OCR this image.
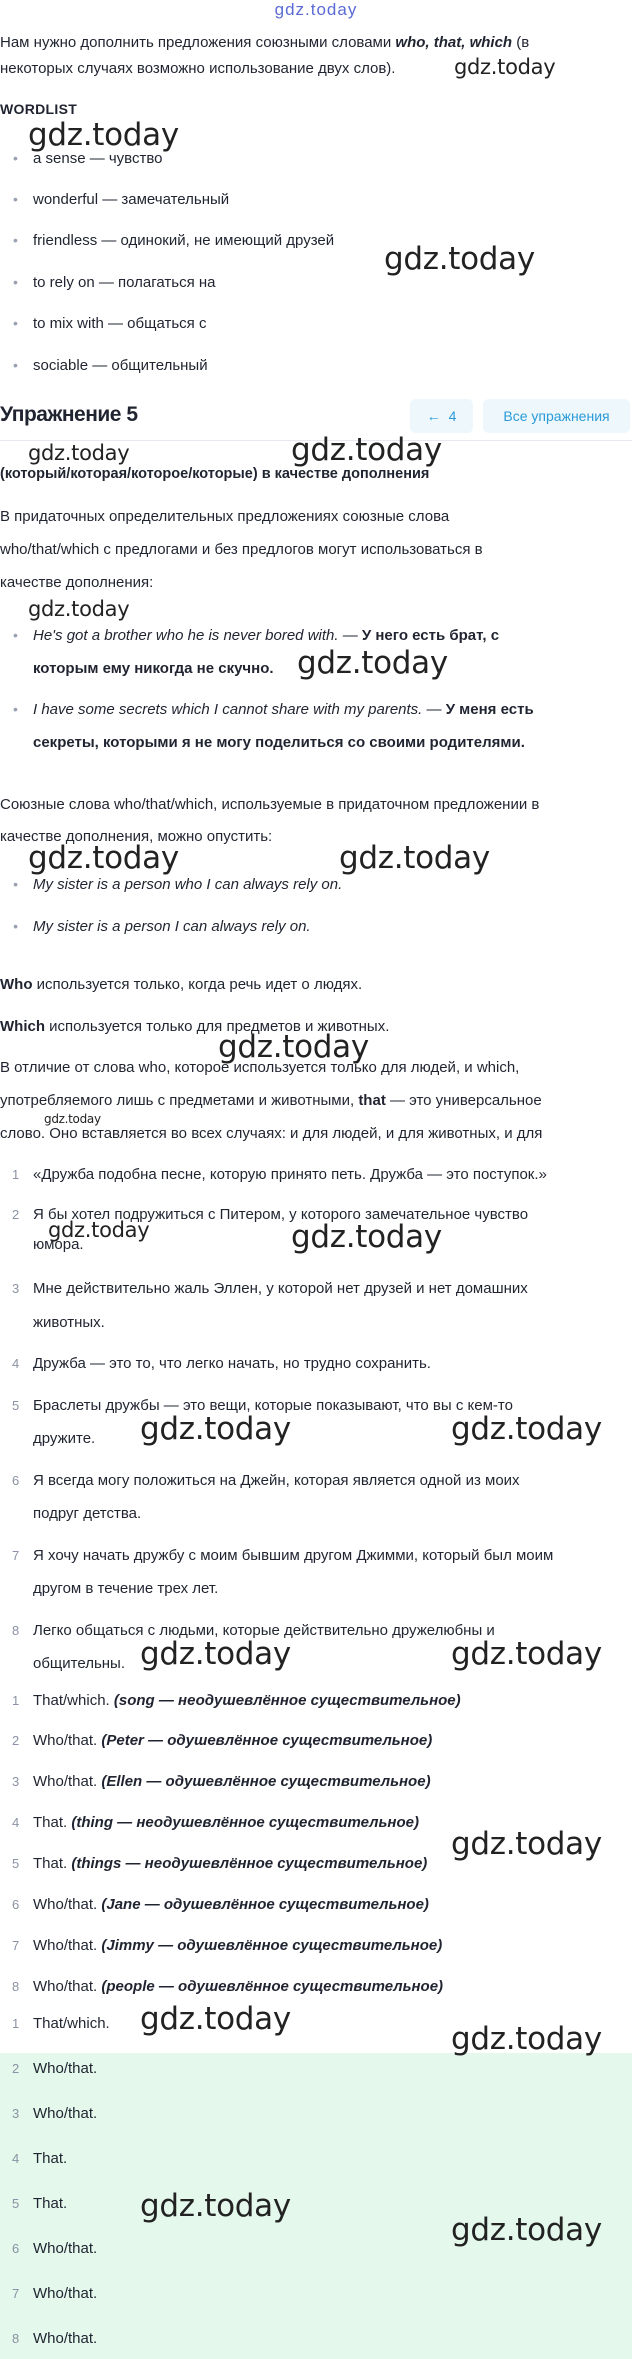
gdz.today

Нам нужно дополнить предложения союзными словами who, that, which (в

некоторых случаях возможно использование двух слов).

WORDLIST
• a sense — чувство
• wonderful — замечательный
• friendless — одинокий, не имеющий друзей
• to rely on — полагаться на
• to mix with — общаться с
• sociable — общительный
Упражнение 5	← 4	Все упражнения
(который/которая/которое/которые) в качестве дополнения

В придаточных определительных предложениях союзные слова

who/that/which с предлогами и без предлогов могут использоваться в

качестве дополнения:

• He's got a brother who he is never bored with. — У него есть брат, с
которым ему никогда не скучно.
• I have some secrets which I cannot share with my parents. — У меня есть
секреты, которыми я не могу поделиться со своими родителями.

Союзные слова who/that/which, используемые в придаточном предложении в

качестве дополнения, можно опустить:

• My sister is a person who I can always rely on.
• My sister is a person I can always rely on.

Who используется только, когда речь идет о людях.

Which используется только для предметов и животных.

В отличие от слова who, которое используется только для людей, и which,

употребляемого лишь с предметами и животными, that — это универсальное

слово. Оно вставляется во всех случаях: и для людей, и для животных, и для

1 «Дружба подобна песне, которую принято петь. Дружба — это поступок.»
2 Я бы хотел подружиться с Питером, у которого замечательное чувство
юмора.
3 Мне действительно жаль Эллен, у которой нет друзей и нет домашних
животных.
4 Дружба — это то, что легко начать, но трудно сохранить.
5 Браслеты дружбы — это вещи, которые показывают, что вы с кем-то
дружите.
6 Я всегда могу положиться на Джейн, которая является одной из моих
подруг детства.
7 Я хочу начать дружбу с моим бывшим другом Джимми, который был моим
другом в течение трех лет.
8 Легко общаться с людьми, которые действительно дружелюбны и
общительны.
1 That/which. (song — неодушевлённое существительное)
2 Who/that. (Peter — одушевлённое существительное)
3 Who/that. (Ellen — одушевлённое существительное)
4 That. (thing — неодушевлённое существительное)
5 That. (things — неодушевлённое существительное)
6 Who/that. (Jane — одушевлённое существительное)
7 Who/that. (Jimmy — одушевлённое существительное)
8 Who/that. (people — одушевлённое существительное)
1 That/which.
2 Who/that.
3 Who/that.
4 That.
5 That.
6 Who/that.
7 Who/that.
8 Who/that.
gdz.today
gdz.today
gdz.today
gdz.today	gdz.today
gdz.today
gdz.today
gdz.today	gdz.today
gdz.today
gdz.today
gdz.today	gdz.today
gdz.today	gdz.today
gdz.today	gdz.today
gdz.today
gdz.today
gdz.today
gdz.today
gdz.today
